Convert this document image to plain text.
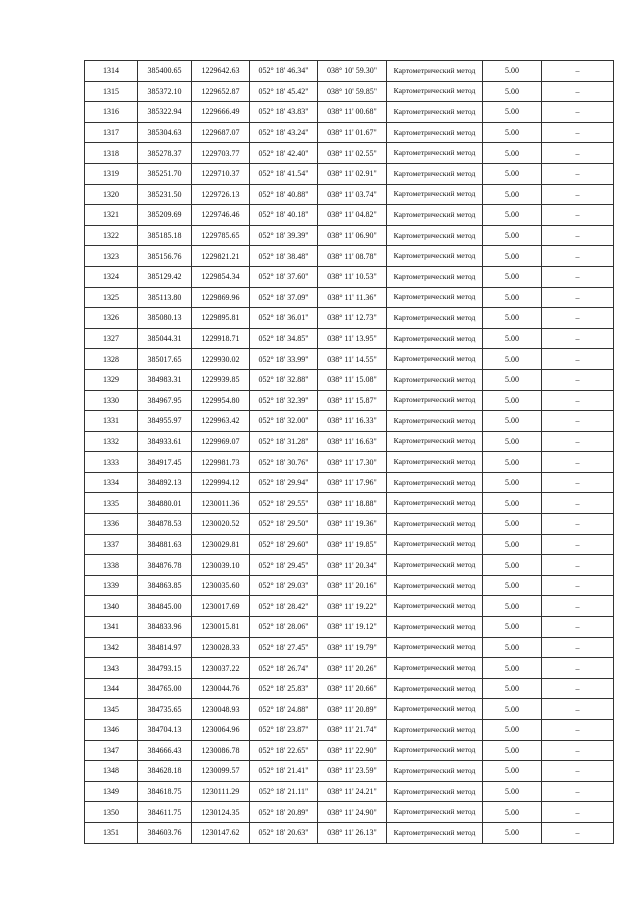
1314	385400.65	1229642.63	052° 18' 46.34"	038° 10' 59.30"	Картометрический метод	5.00	–
1315	385372.10	1229652.87	052° 18' 45.42"	038° 10' 59.85"	Картометрический метод	5.00	–
1316	385322.94	1229666.49	052° 18' 43.83"	038° 11' 00.68"	Картометрический метод	5.00	–
1317	385304.63	1229687.07	052° 18' 43.24"	038° 11' 01.67"	Картометрический метод	5.00	–
1318	385278.37	1229703.77	052° 18' 42.40"	038° 11' 02.55"	Картометрический метод	5.00	–
1319	385251.70	1229710.37	052° 18' 41.54"	038° 11' 02.91"	Картометрический метод	5.00	–
1320	385231.50	1229726.13	052° 18' 40.88"	038° 11' 03.74"	Картометрический метод	5.00	–
1321	385209.69	1229746.46	052° 18' 40.18"	038° 11' 04.82"	Картометрический метод	5.00	–
1322	385185.18	1229785.65	052° 18' 39.39"	038° 11' 06.90"	Картометрический метод	5.00	–
1323	385156.76	1229821.21	052° 18' 38.48"	038° 11' 08.78"	Картометрический метод	5.00	–
1324	385129.42	1229854.34	052° 18' 37.60"	038° 11' 10.53"	Картометрический метод	5.00	–
1325	385113.80	1229869.96	052° 18' 37.09"	038° 11' 11.36"	Картометрический метод	5.00	–
1326	385080.13	1229895.81	052° 18' 36.01"	038° 11' 12.73"	Картометрический метод	5.00	–
1327	385044.31	1229918.71	052° 18' 34.85"	038° 11' 13.95"	Картометрический метод	5.00	–
1328	385017.65	1229930.02	052° 18' 33.99"	038° 11' 14.55"	Картометрический метод	5.00	–
1329	384983.31	1229939.85	052° 18' 32.88"	038° 11' 15.08"	Картометрический метод	5.00	–
1330	384967.95	1229954.80	052° 18' 32.39"	038° 11' 15.87"	Картометрический метод	5.00	–
1331	384955.97	1229963.42	052° 18' 32.00"	038° 11' 16.33"	Картометрический метод	5.00	–
1332	384933.61	1229969.07	052° 18' 31.28"	038° 11' 16.63"	Картометрический метод	5.00	–
1333	384917.45	1229981.73	052° 18' 30.76"	038° 11' 17.30"	Картометрический метод	5.00	–
1334	384892.13	1229994.12	052° 18' 29.94"	038° 11' 17.96"	Картометрический метод	5.00	–
1335	384880.01	1230011.36	052° 18' 29.55"	038° 11' 18.88"	Картометрический метод	5.00	–
1336	384878.53	1230020.52	052° 18' 29.50"	038° 11' 19.36"	Картометрический метод	5.00	–
1337	384881.63	1230029.81	052° 18' 29.60"	038° 11' 19.85"	Картометрический метод	5.00	–
1338	384876.78	1230039.10	052° 18' 29.45"	038° 11' 20.34"	Картометрический метод	5.00	–
1339	384863.85	1230035.60	052° 18' 29.03"	038° 11' 20.16"	Картометрический метод	5.00	–
1340	384845.00	1230017.69	052° 18' 28.42"	038° 11' 19.22"	Картометрический метод	5.00	–
1341	384833.96	1230015.81	052° 18' 28.06"	038° 11' 19.12"	Картометрический метод	5.00	–
1342	384814.97	1230028.33	052° 18' 27.45"	038° 11' 19.79"	Картометрический метод	5.00	–
1343	384793.15	1230037.22	052° 18' 26.74"	038° 11' 20.26"	Картометрический метод	5.00	–
1344	384765.00	1230044.76	052° 18' 25.83"	038° 11' 20.66"	Картометрический метод	5.00	–
1345	384735.65	1230048.93	052° 18' 24.88"	038° 11' 20.89"	Картометрический метод	5.00	–
1346	384704.13	1230064.96	052° 18' 23.87"	038° 11' 21.74"	Картометрический метод	5.00	–
1347	384666.43	1230086.78	052° 18' 22.65"	038° 11' 22.90"	Картометрический метод	5.00	–
1348	384628.18	1230099.57	052° 18' 21.41"	038° 11' 23.59"	Картометрический метод	5.00	–
1349	384618.75	1230111.29	052° 18' 21.11"	038° 11' 24.21"	Картометрический метод	5.00	–
1350	384611.75	1230124.35	052° 18' 20.89"	038° 11' 24.90"	Картометрический метод	5.00	–
1351	384603.76	1230147.62	052° 18' 20.63"	038° 11' 26.13"	Картометрический метод	5.00	–
